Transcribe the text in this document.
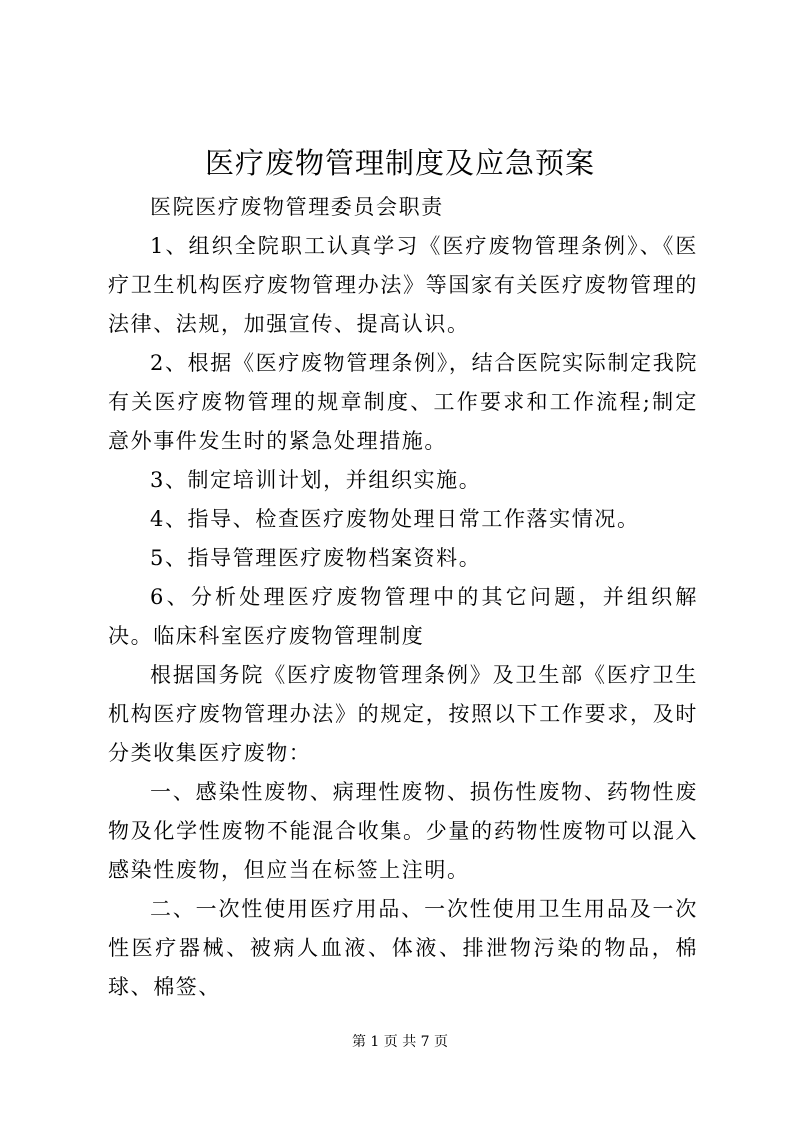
医疗废物管理制度及应急预案

医院医疗废物管理委员会职责

1、组织全院职工认真学习《医疗废物管理条例》、《医疗卫生机构医疗废物管理办法》等国家有关医疗废物管理的法律、法规，加强宣传、提高认识。

2、根据《医疗废物管理条例》，结合医院实际制定我院有关医疗废物管理的规章制度、工作要求和工作流程;制定意外事件发生时的紧急处理措施。

3、制定培训计划，并组织实施。

4、指导、检查医疗废物处理日常工作落实情况。

5、指导管理医疗废物档案资料。

6、分析处理医疗废物管理中的其它问题，并组织解决。临床科室医疗废物管理制度

根据国务院《医疗废物管理条例》及卫生部《医疗卫生机构医疗废物管理办法》的规定，按照以下工作要求，及时分类收集医疗废物：

一、感染性废物、病理性废物、损伤性废物、药物性废物及化学性废物不能混合收集。少量的药物性废物可以混入感染性废物，但应当在标签上注明。

二、一次性使用医疗用品、一次性使用卫生用品及一次性医疗器械、被病人血液、体液、排泄物污染的物品，棉球、棉签、

第 1 页 共 7 页
